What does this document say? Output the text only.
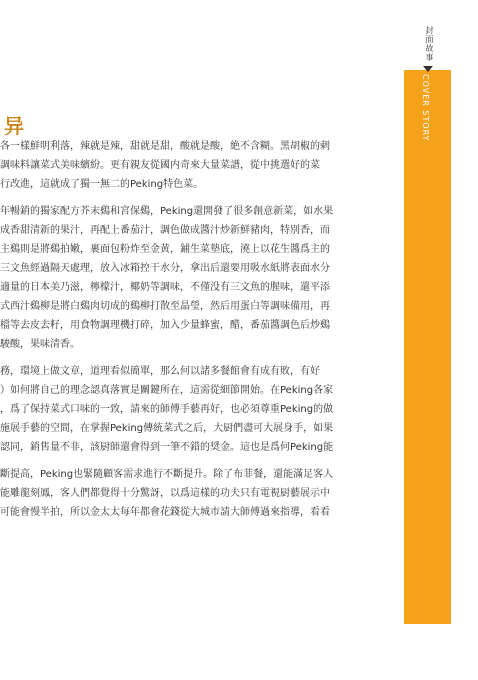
封面故事
COVER STORY
异

各一樣鮮明利落，辣就是辣，甜就是甜，酸就是酸，絶不含糊。黑胡椒的剌
調味料讓菜式美味繽紛。更有親友從國内奇來大量菜譜，從中挑選好的菜
行改進，這就成了獨一無二的Peking特色菜。

年暢銷的獨家配方芥末鷄和宮保鷄，Peking還開發了很多創意新菜，如水果
成香甜清新的果汁，再配上番茄汁，調色做成醬汁炒新鮮豬肉，特別香，而
主鷄則是將鷄拍嫩，裹面包粉炸至金黄，鋪生菜墊底，澆上以花生醬爲主的
三文魚經過隔天處理，放入冰箱控干水分，拿出后還要用吸水紙將表面水分
適量的日本美乃滋，檸檬汁，椰奶等調味，不僅没有三文魚的腥味，還平添
式西汁鷄柳是將白鷄肉切成的鷄柳打散至晶瑩，然后用蛋白等調味備用，再
檔等去皮去籽，用食物調理機打碎，加入少量蜂蜜，醋，番茄醬調色后炒鷄
駿酸，果味清香。

務，環境上做文章，道理看似簡單，那么何以諸多餐館會有成有敗，有好
）如何將自己的理念認真落實是關鍵所在，這需從細節開始。在Peking各家
，爲了保持菜式口味的一致，請來的師傅手藝再好，也必須尊重Peking的做
施展手藝的空間，在掌握Peking傳統菜式之后，大厨們盡可大展身手，如果
認同，銷售量不非，該厨師還會得到一筆不錯的奨金。這也是爲何Peking能

斷提高，Peking也緊隨顧客需求進行不斷提升。除了布菲餐，還能滿足客人
能雕龍刻鳳，客人們都覺得十分驚訝，以爲這樣的功夫只有電視厨藝展示中
可能會慢半拍，所以金太太每年都會花錢從大城市請大師傅過來指導，看看
